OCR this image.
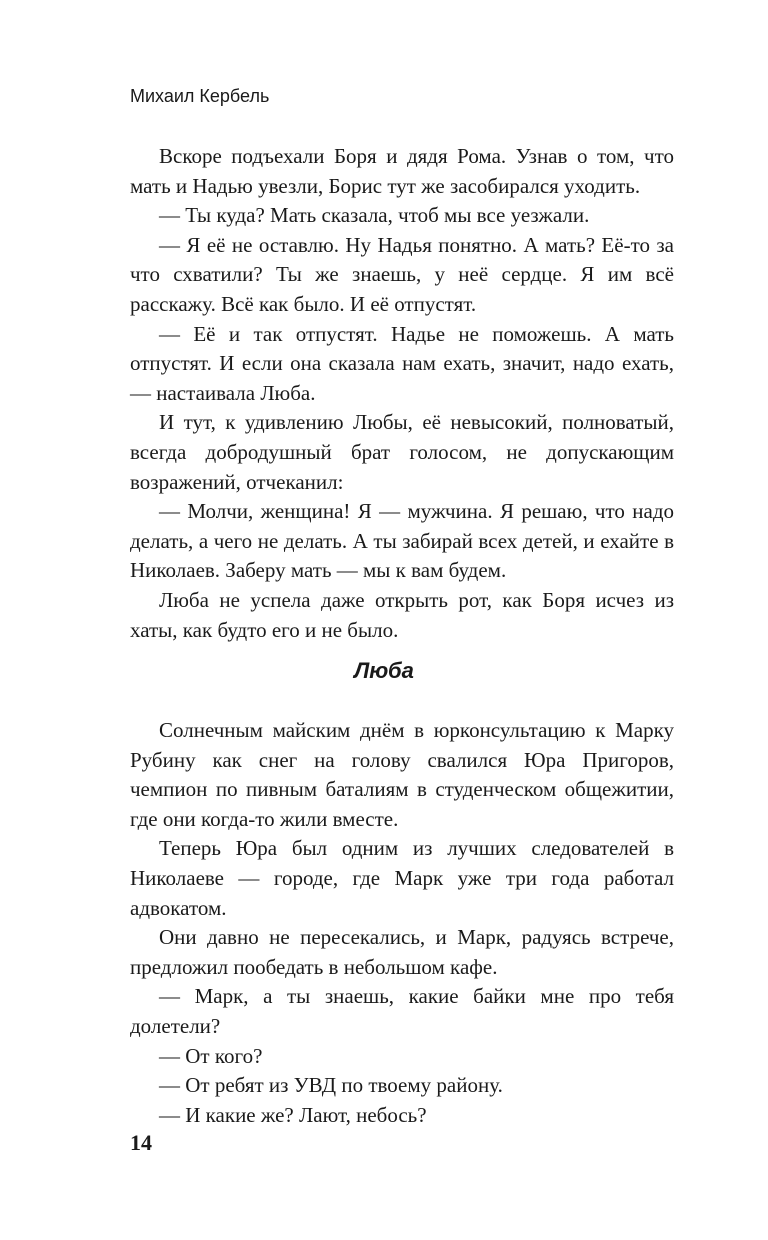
Михаил Кербель

Вскоре подъехали Боря и дядя Рома. Узнав о том, что мать и Надью увезли, Борис тут же засобирался уходить.

— Ты куда? Мать сказала, чтоб мы все уезжали.

— Я её не оставлю. Ну Надья понятно. А мать? Её-то за что схватили? Ты же знаешь, у неё сердце. Я им всё расскажу. Всё как было. И её отпустят.

— Её и так отпустят. Надье не поможешь. А мать отпустят. И если она сказала нам ехать, значит, надо ехать, — настаивала Люба.

И тут, к удивлению Любы, её невысокий, полноватый, всегда добродушный брат голосом, не допускающим возражений, отчеканил:

— Молчи, женщина! Я — мужчина. Я решаю, что надо делать, а чего не делать. А ты забирай всех детей, и ехайте в Николаев. Заберу мать — мы к вам будем.

Люба не успела даже открыть рот, как Боря исчез из хаты, как будто его и не было.

Люба

Солнечным майским днём в юрконсультацию к Марку Рубину как снег на голову свалился Юра Пригоров, чемпион по пивным баталиям в студенческом общежитии, где они когда-то жили вместе.

Теперь Юра был одним из лучших следователей в Николаеве — городе, где Марк уже три года работал адвокатом.

Они давно не пересекались, и Марк, радуясь встрече, предложил пообедать в небольшом кафе.

— Марк, а ты знаешь, какие байки мне про тебя долетели?

— От кого?

— От ребят из УВД по твоему району.

— И какие же? Лают, небось?

14
